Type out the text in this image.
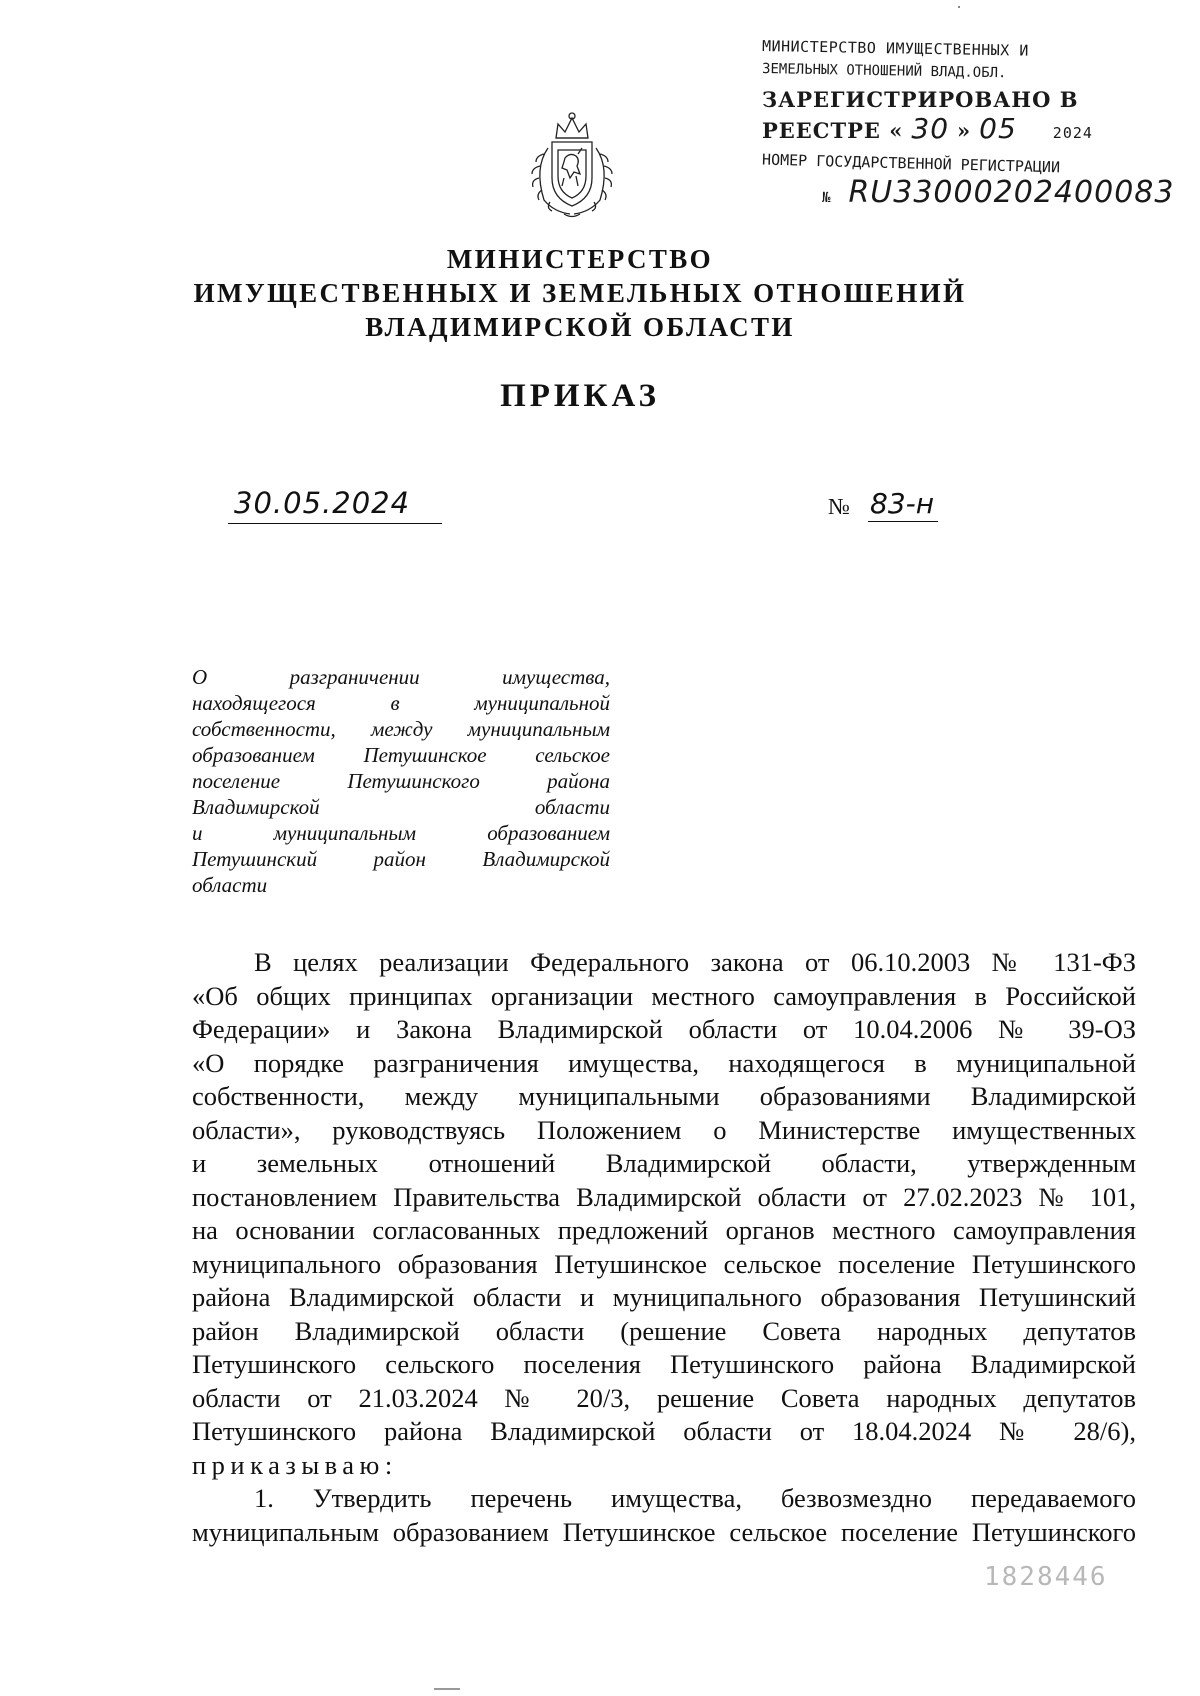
МИНИСТЕРСТВО ИМУЩЕСТВЕННЫХ И
ЗЕМЕЛЬНЫХ ОТНОШЕНИЙ ВЛАД.ОБЛ.
ЗАРЕГИСТРИРОВАНО В
РЕЕСТРЕ « 30 » 05 2024
НОМЕР ГОСУДАРСТВЕННОЙ РЕГИСТРАЦИИ
№ RU33000202400083
МИНИСТЕРСТВО
ИМУЩЕСТВЕННЫХ И ЗЕМЕЛЬНЫХ ОТНОШЕНИЙ
ВЛАДИМИРСКОЙ ОБЛАСТИ
ПРИКАЗ
30.05.2024	№ 83-н
О разграничении имущества,
находящегося в муниципальной
собственности, между муниципальным
образованием Петушинское сельское
поселение Петушинского района
Владимирской области
и муниципальным образованием
Петушинский район Владимирской
области
В целях реализации Федерального закона от 06.10.2003 № 131-ФЗ
«Об общих принципах организации местного самоуправления в Российской
Федерации» и Закона Владимирской области от 10.04.2006 № 39-ОЗ
«О порядке разграничения имущества, находящегося в муниципальной
собственности, между муниципальными образованиями Владимирской
области», руководствуясь Положением о Министерстве имущественных
и земельных отношений Владимирской области, утвержденным
постановлением Правительства Владимирской области от 27.02.2023 № 101,
на основании согласованных предложений органов местного самоуправления
муниципального образования Петушинское сельское поселение Петушинского
района Владимирской области и муниципального образования Петушинский
район Владимирской области (решение Совета народных депутатов
Петушинского сельского поселения Петушинского района Владимирской
области от 21.03.2024 № 20/3, решение Совета народных депутатов
Петушинского района Владимирской области от 18.04.2024 № 28/6),
приказываю:
1. Утвердить перечень имущества, безвозмездно передаваемого
муниципальным образованием Петушинское сельское поселение Петушинского
1828446
